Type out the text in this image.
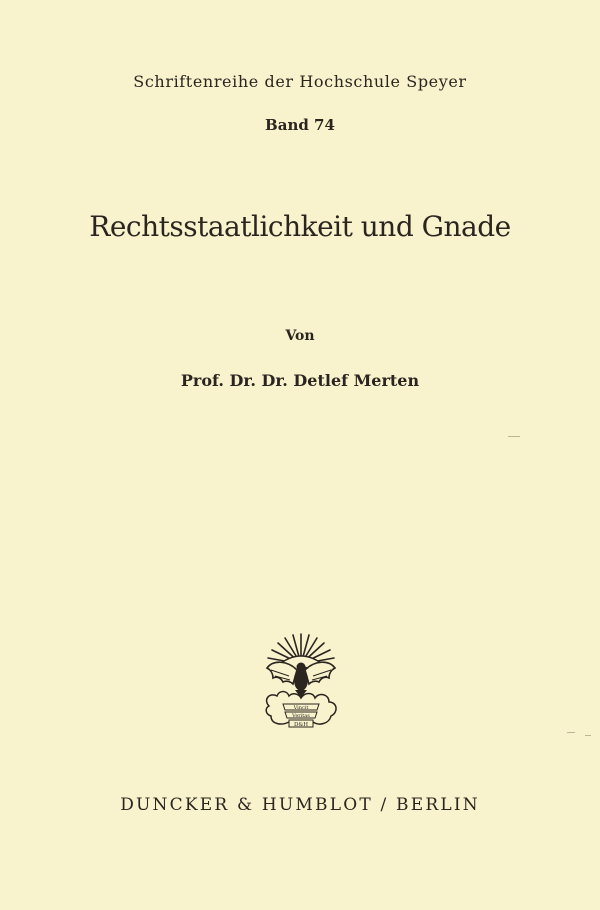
Schriftenreihe der Hochschule Speyer
Band 74
Rechtsstaatlichkeit und Gnade
Von
Prof. Dr. Dr. Detlef Merten
Vincit
Veritas
D&H
DUNCKER & HUMBLOT / BERLIN
